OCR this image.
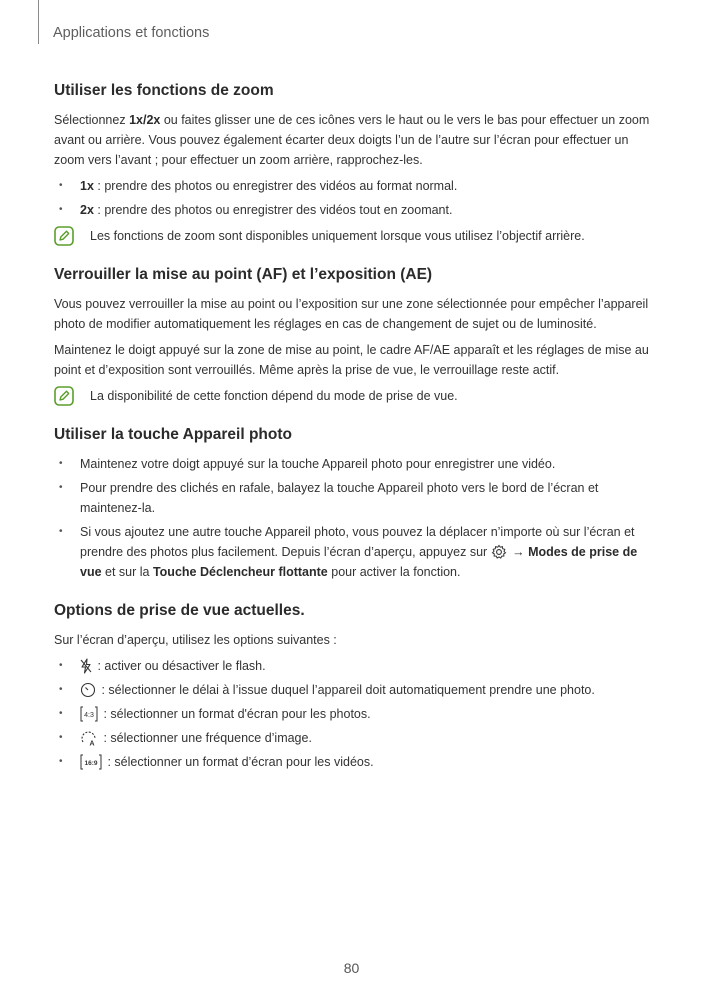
Applications et fonctions
Utiliser les fonctions de zoom

Sélectionnez 1x/2x ou faites glisser une de ces icônes vers le haut ou le vers le bas pour effectuer un zoom avant ou arrière. Vous pouvez également écarter deux doigts l’un de l’autre sur l’écran pour effectuer un zoom vers l’avant ; pour effectuer un zoom arrière, rapprochez-les.

• 1x : prendre des photos ou enregistrer des vidéos au format normal.
• 2x : prendre des photos ou enregistrer des vidéos tout en zoomant.
Les fonctions de zoom sont disponibles uniquement lorsque vous utilisez l’objectif arrière.
Verrouiller la mise au point (AF) et l’exposition (AE)

Vous pouvez verrouiller la mise au point ou l’exposition sur une zone sélectionnée pour empêcher l’appareil photo de modifier automatiquement les réglages en cas de changement de sujet ou de luminosité.

Maintenez le doigt appuyé sur la zone de mise au point, le cadre AF/AE apparaît et les réglages de mise au point et d’exposition sont verrouillés. Même après la prise de vue, le verrouillage reste actif.

La disponibilité de cette fonction dépend du mode de prise de vue.
Utiliser la touche Appareil photo
• Maintenez votre doigt appuyé sur la touche Appareil photo pour enregistrer une vidéo.
• Pour prendre des clichés en rafale, balayez la touche Appareil photo vers le bord de l’écran et maintenez-la.
• Si vous ajoutez une autre touche Appareil photo, vous pouvez la déplacer n’importe où sur l’écran et prendre des photos plus facilement. Depuis l’écran d’aperçu, appuyez sur  → Modes de prise de vue et sur la Touche Déclencheur flottante pour activer la fonction.
Options de prise de vue actuelles.

Sur l’écran d’aperçu, utilisez les options suivantes :

•	: activer ou désactiver le flash.
•	: sélectionner le délai à l’issue duquel l’appareil doit automatiquement prendre une photo.
•	4:3 : sélectionner un format d'écran pour les photos.
•
A : sélectionner une fréquence d’image.
•	16:9 : sélectionner un format d’écran pour les vidéos.
80
